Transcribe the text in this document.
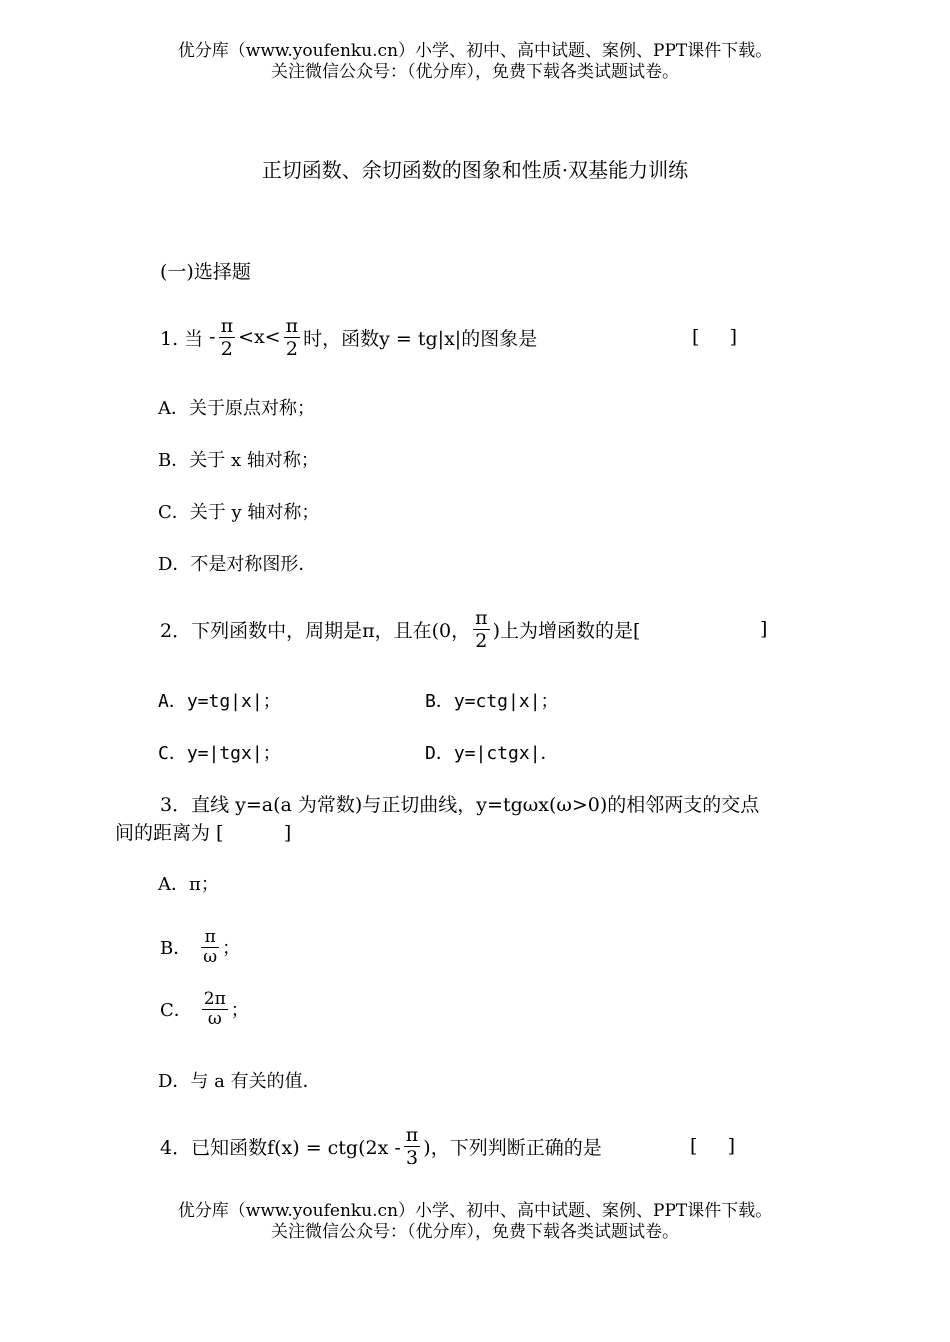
优分库（www.youfenku.cn）小学、初中、高中试题、案例、PPT课件下载。
关注微信公众号：（优分库），免费下载各类试题试卷。
正切函数、余切函数的图象和性质·双基能力训练
(一)选择题
1. 当 - $\frac{\pi}{2} <x< \frac{\pi}{2}$ 时，函数y = tg|x|的图象是	[     ]
A．关于原点对称；
B．关于 x 轴对称；
C．关于 y 轴对称；
D．不是对称图形．
2．下列函数中，周期是π，且在(0， $\frac{\pi}{2}$ )上为增函数的是[	]
A．y=tg|x|；	B．y=ctg|x|；
C．y=|tgx|；	D．y=|ctgx|．
3．直线 y=a(a 为常数)与正切曲线，y=tgωx(ω>0)的相邻两支的交点
间的距离为 [          ]
A．π；
B． $\frac{\pi}{\omega}$ ；
C． $\frac{2\pi}{\omega}$ ；
D．与 a 有关的值．
4．已知函数$f(x) = ctg(2x - \frac{\pi}{3}$ )，下列判断正确的是	[     ]
优分库（www.youfenku.cn）小学、初中、高中试题、案例、PPT课件下载。
关注微信公众号：（优分库），免费下载各类试题试卷。
